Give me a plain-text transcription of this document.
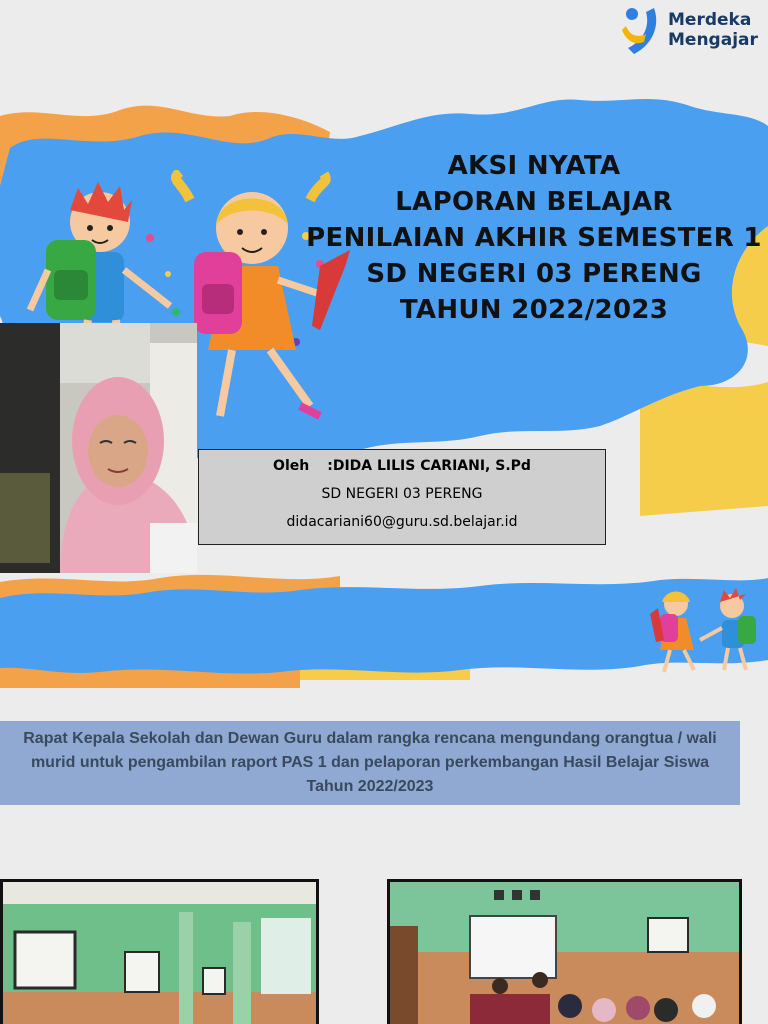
Merdeka
Mengajar
Oleh :DIDA LILIS CARIANI, S.Pd
SD NEGERI 03 PERENG
didacariani60@guru.sd.belajar.id
AKSI NYATA
LAPORAN BELAJAR
PENILAIAN AKHIR SEMESTER 1
SD NEGERI 03 PERENG
TAHUN 2022/2023
Rapat Kepala Sekolah dan Dewan Guru dalam rangka rencana mengundang orangtua / wali murid untuk pengambilan raport PAS 1 dan pelaporan perkembangan Hasil Belajar Siswa Tahun 2022/2023
